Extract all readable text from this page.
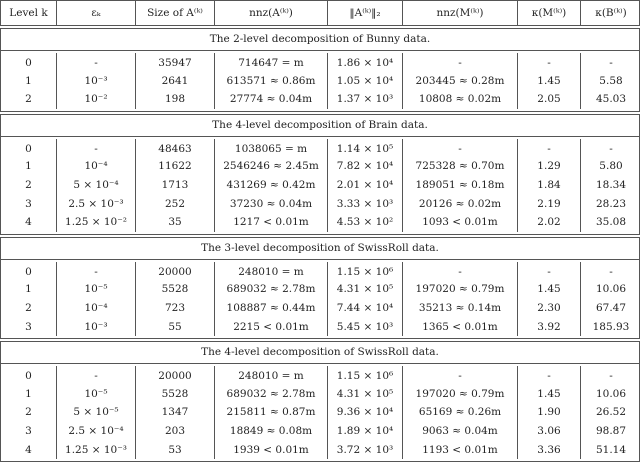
Level k	εₖ	Size of A⁽ᵏ⁾	nnz(A⁽ᵏ⁾)	‖A⁽ᵏ⁾‖₂	nnz(M⁽ᵏ⁾)	κ(M⁽ᵏ⁾)	κ(B⁽ᵏ⁾)
The 2-level decomposition of Bunny data.
0	-	35947	714647 = m	1.86 × 10⁴	-	-	-
1	10⁻³	2641	613571 ≈ 0.86m	1.05 × 10⁴	203445 ≈ 0.28m	1.45	5.58
2	10⁻²	198	27774 ≈ 0.04m	1.37 × 10³	10808 ≈ 0.02m	2.05	45.03
The 4-level decomposition of Brain data.
0	-	48463	1038065 = m	1.14 × 10⁵	-	-	-
1	10⁻⁴	11622	2546246 ≈ 2.45m	7.82 × 10⁴	725328 ≈ 0.70m	1.29	5.80
2	5 × 10⁻⁴	1713	431269 ≈ 0.42m	2.01 × 10⁴	189051 ≈ 0.18m	1.84	18.34
3	2.5 × 10⁻³	252	37230 ≈ 0.04m	3.33 × 10³	20126 ≈ 0.02m	2.19	28.23
4	1.25 × 10⁻²	35	1217 < 0.01m	4.53 × 10²	1093 < 0.01m	2.02	35.08
The 3-level decomposition of SwissRoll data.
0	-	20000	248010 = m	1.15 × 10⁶	-	-	-
1	10⁻⁵	5528	689032 ≈ 2.78m	4.31 × 10⁵	197020 ≈ 0.79m	1.45	10.06
2	10⁻⁴	723	108887 ≈ 0.44m	7.44 × 10⁴	35213 ≈ 0.14m	2.30	67.47
3	10⁻³	55	2215 < 0.01m	5.45 × 10³	1365 < 0.01m	3.92	185.93
The 4-level decomposition of SwissRoll data.
0	-	20000	248010 = m	1.15 × 10⁶	-	-	-
1	10⁻⁵	5528	689032 ≈ 2.78m	4.31 × 10⁵	197020 ≈ 0.79m	1.45	10.06
2	5 × 10⁻⁵	1347	215811 ≈ 0.87m	9.36 × 10⁴	65169 ≈ 0.26m	1.90	26.52
3	2.5 × 10⁻⁴	203	18849 ≈ 0.08m	1.89 × 10⁴	9063 ≈ 0.04m	3.06	98.87
4	1.25 × 10⁻³	53	1939 < 0.01m	3.72 × 10³	1193 < 0.01m	3.36	51.14
